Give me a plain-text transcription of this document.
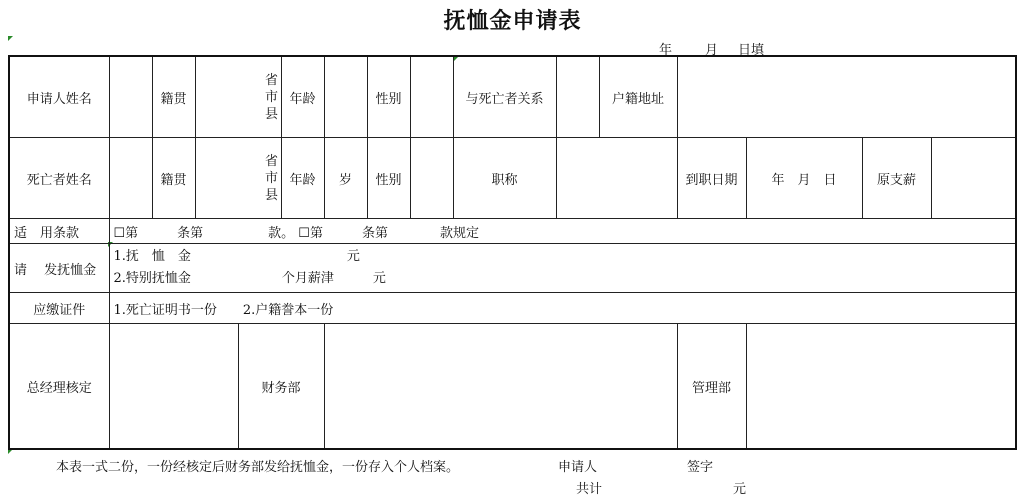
抚恤金申请表
年	月 日填
申请人姓名		籍贯	省
市
县		年龄		性别		与死亡者关系		户籍地址				
死亡者姓名		籍贯	省
市
县		年龄	岁	性别		职称			到职日期	年　月　日	原支薪	
适　用条款	☐第　　　条第　　　　　款。 ☐第　　　条第　　　　款规定														
请　 发抚恤金	1.抚　恤　金　　　　　　　　　　　　元
2.特别抚恤金　　　　　　　个月薪津　　　元														

应缴证件	1.死亡证明书一份　　2.户籍誊本一份														
总经理核定				财务部								管理部			
本表一式二份，一份经核定后财务部发给抚恤金，一份存入个人档案。	申请人	签字
共计	元
